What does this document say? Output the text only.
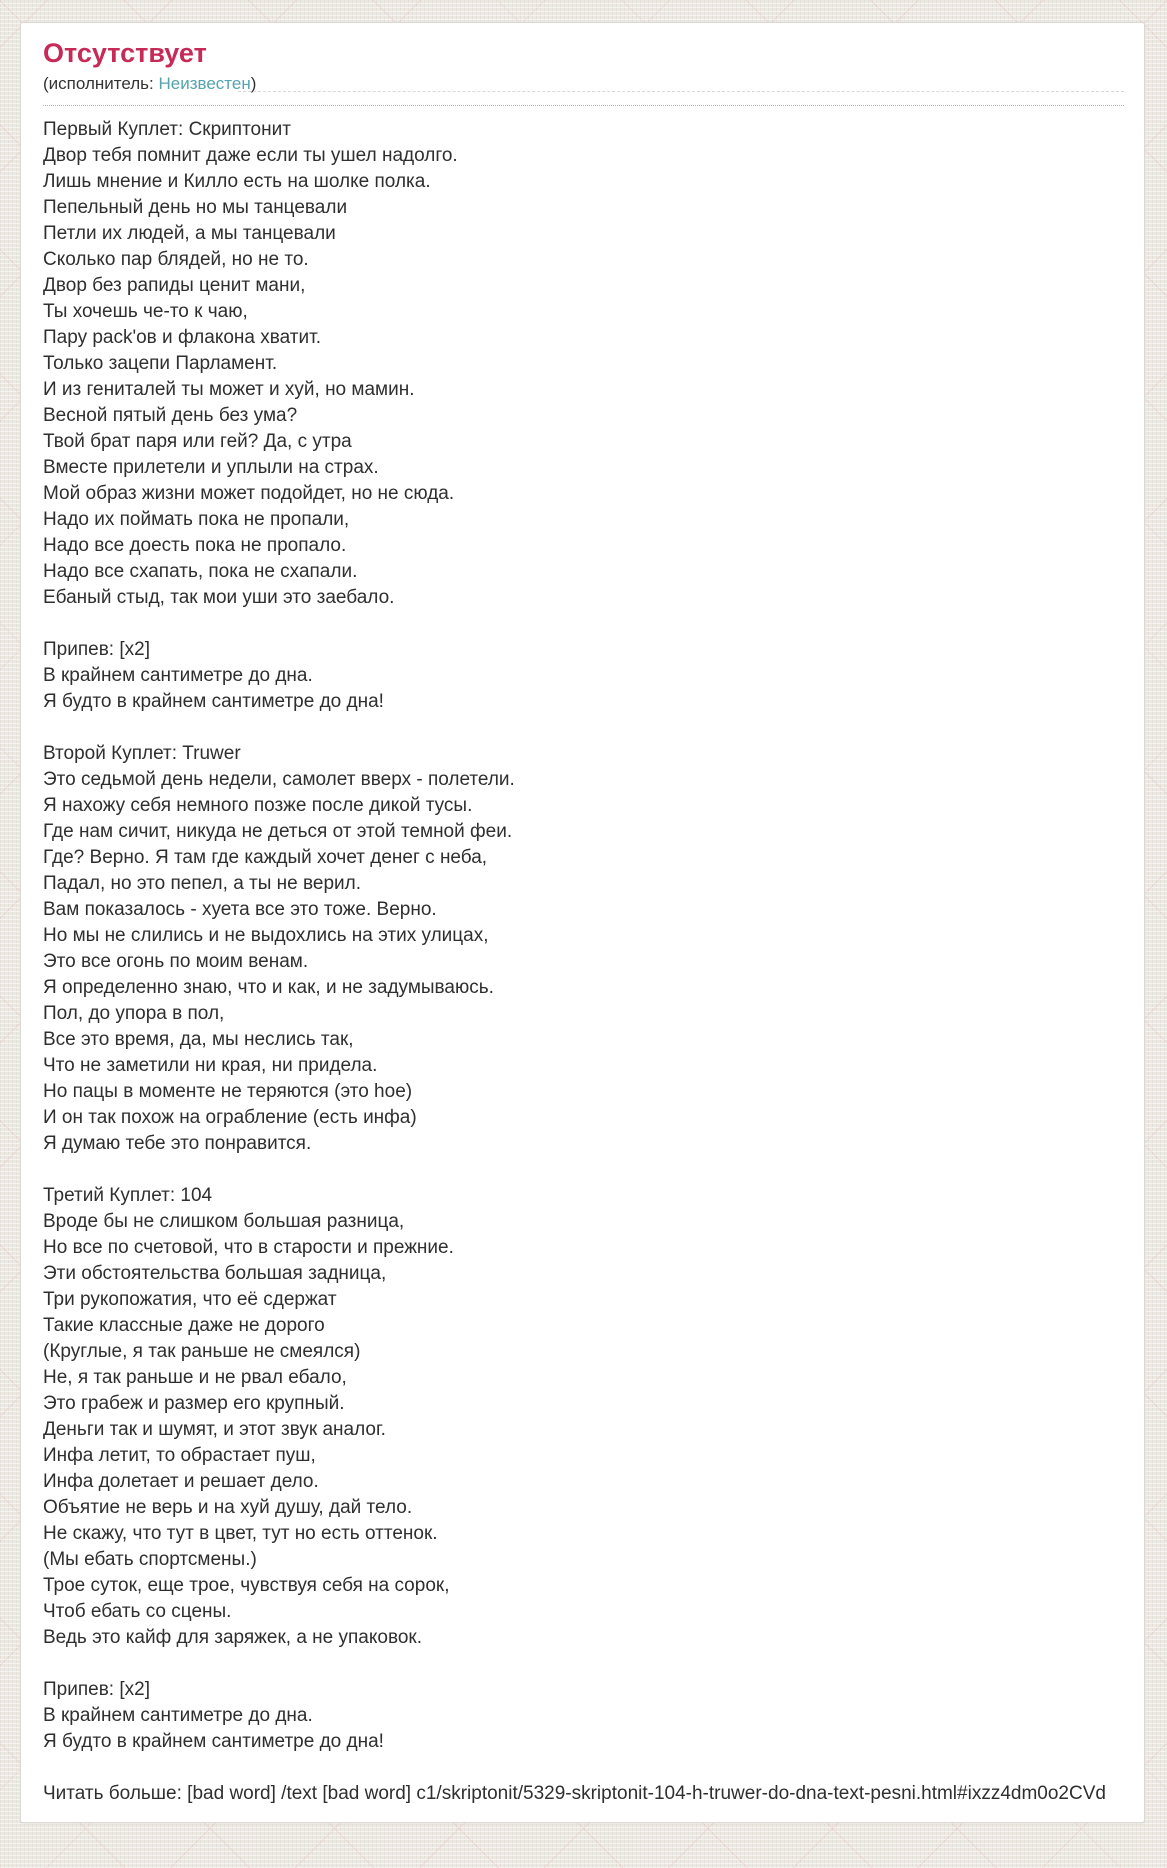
Отсутствует
(исполнитель: Неизвестен)
Первый Куплет: Скриптонит
Двор тебя помнит даже если ты ушел надолго.
Лишь мнение и Килло есть на шолке полка.
Пепельный день но мы танцевали
Петли их людей, а мы танцевали
Сколько пар блядей, но не то.
Двор без рапиды ценит мани,
Ты хочешь че-то к чаю,
Пару pack'ов и флакона хватит.
Только зацепи Парламент.
И из гениталей ты может и хуй, но мамин.
Весной пятый день без ума?
Твой брат паря или гей? Да, с утра
Вместе прилетели и уплыли на страх.
Мой образ жизни может подойдет, но не сюда.
Надо их поймать пока не пропали,
Надо все доесть пока не пропало.
Надо все схапать, пока не схапали.
Ебаный стыд, так мои уши это заебало.
Припев: [x2]
В крайнем сантиметре до дна.
Я будто в крайнем сантиметре до дна!
Второй Куплет: Truwer
Это седьмой день недели, самолет вверх - полетели.
Я нахожу себя немного позже после дикой тусы.
Где нам сичит, никуда не деться от этой темной феи.
Где? Верно. Я там где каждый хочет денег с неба,
Падал, но это пепел, а ты не верил.
Вам показалось - хуета все это тоже. Верно.
Но мы не слились и не выдохлись на этих улицах,
Это все огонь по моим венам.
Я определенно знаю, что и как, и не задумываюсь.
Пол, до упора в пол,
Все это время, да, мы неслись так,
Что не заметили ни края, ни придела.
Но пацы в моменте не теряются (это hoe)
И он так похож на ограбление (есть инфа)
Я думаю тебе это понравится.
Третий Куплет: 104
Вроде бы не слишком большая разница,
Но все по счетовой, что в старости и прежние.
Эти обстоятельства большая задница,
Три рукопожатия, что её сдержат
Такие классные даже не дорого
(Круглые, я так раньше не смеялся)
Не, я так раньше и не рвал ебало,
Это грабеж и размер его крупный.
Деньги так и шумят, и этот звук аналог.
Инфа летит, то обрастает пуш,
Инфа долетает и решает дело.
Объятие не верь и на хуй душу, дай тело.
Не скажу, что тут в цвет, тут но есть оттенок.
(Мы ебать спортсмены.)
Трое суток, еще трое, чувствуя себя на сорок,
Чтоб ебать со сцены.
Ведь это кайф для заряжек, а не упаковок.
Припев: [x2]
В крайнем сантиметре до дна.
Я будто в крайнем сантиметре до дна!
Читать больше: [bad word] /text [bad word] c1/skriptonit/5329-skriptonit-104-h-truwer-do-dna-text-pesni.html#ixzz4dm0o2CVd
